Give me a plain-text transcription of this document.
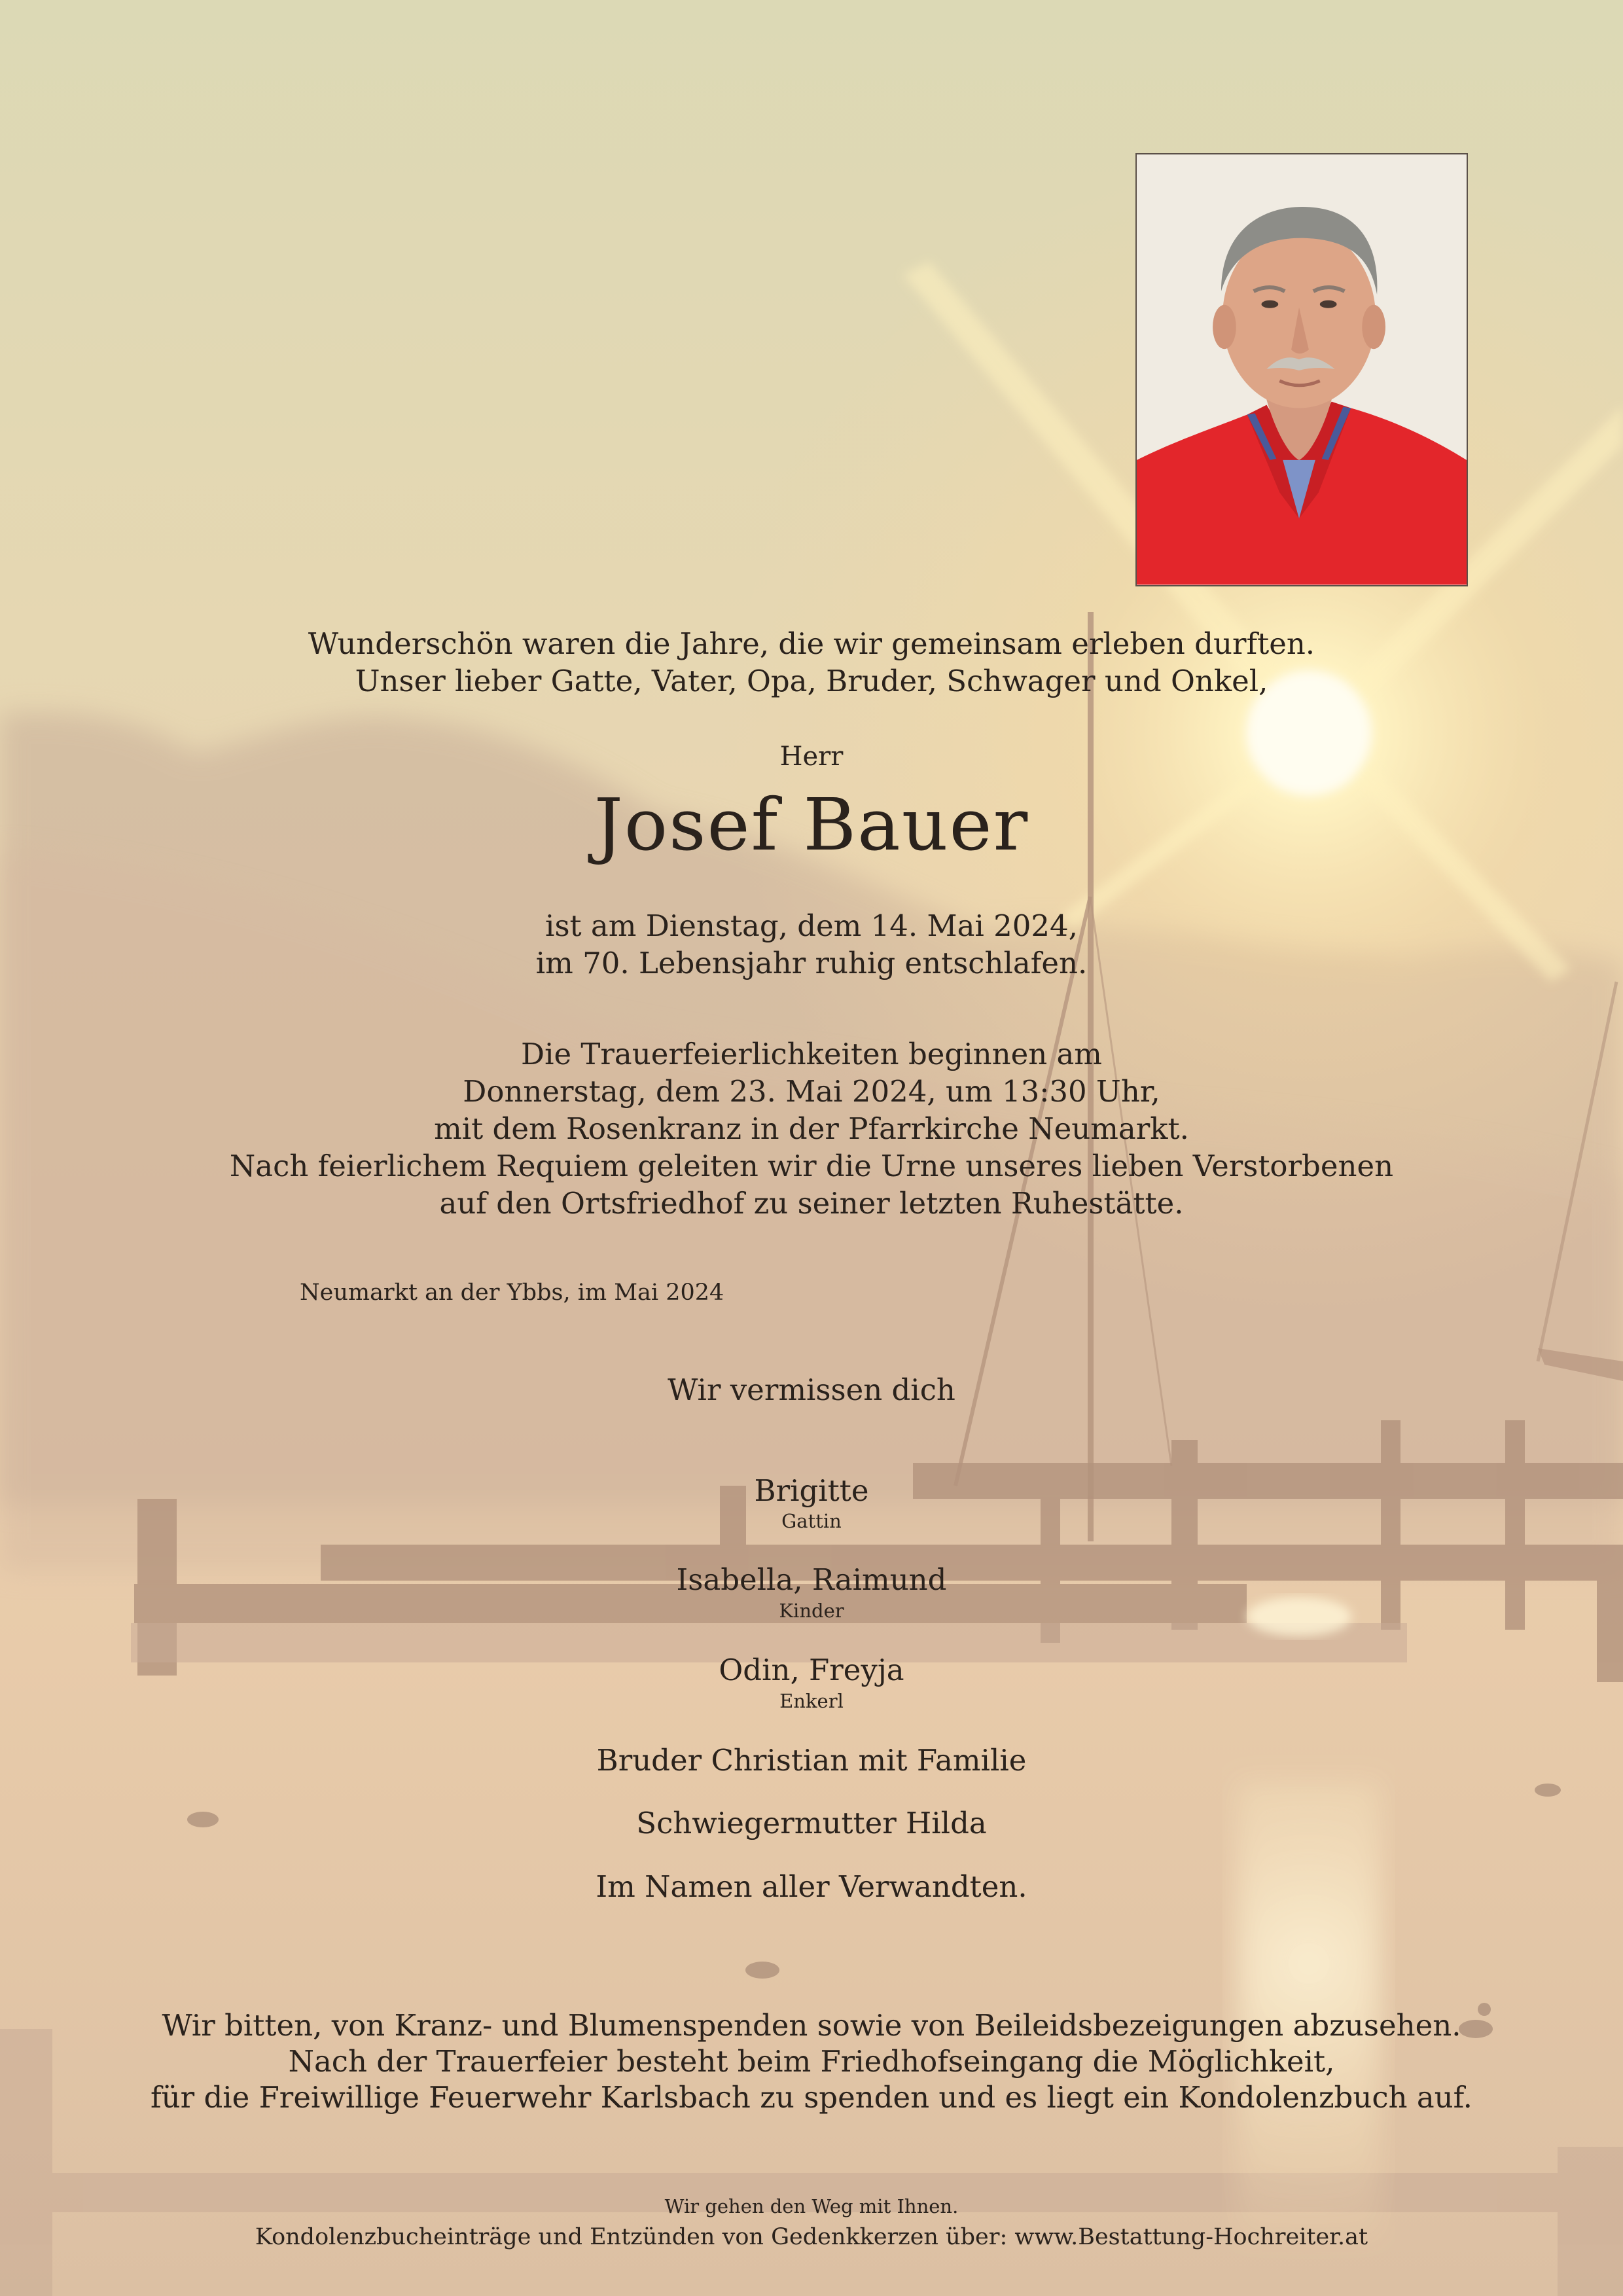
Wunderschön waren die Jahre, die wir gemeinsam erleben durften.

Unser lieber Gatte, Vater, Opa, Bruder, Schwager und Onkel,

Herr

Josef Bauer

ist am Dienstag, dem 14. Mai 2024,

im 70. Lebensjahr ruhig entschlafen.

Die Trauerfeierlichkeiten beginnen am

Donnerstag, dem 23. Mai 2024, um 13:30 Uhr,

mit dem Rosenkranz in der Pfarrkirche Neumarkt.

Nach feierlichem Requiem geleiten wir die Urne unseres lieben Verstorbenen

auf den Ortsfriedhof zu seiner letzten Ruhestätte.

Neumarkt an der Ybbs, im Mai 2024

Wir vermissen dich

Brigitte

Gattin

Isabella, Raimund

Kinder

Odin, Freyja

Enkerl

Bruder Christian mit Familie

Schwiegermutter Hilda

Im Namen aller Verwandten.

Wir bitten, von Kranz- und Blumenspenden sowie von Beileidsbezeigungen abzusehen.

Nach der Trauerfeier besteht beim Friedhofseingang die Möglichkeit,

für die Freiwillige Feuerwehr Karlsbach zu spenden und es liegt ein Kondolenzbuch auf.

Wir gehen den Weg mit Ihnen.

Kondolenzbucheinträge und Entzünden von Gedenkkerzen über: www.Bestattung-Hochreiter.at
